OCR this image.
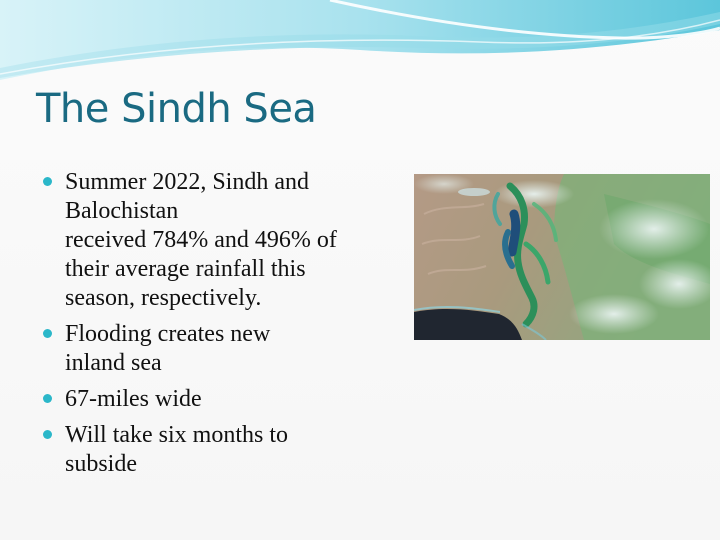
The Sindh Sea
Summer 2022, Sindh and
Balochistan
received 784% and 496% of
their average rainfall this
season, respectively.
Flooding creates new
inland sea
67-miles wide
Will take six months to
subside
